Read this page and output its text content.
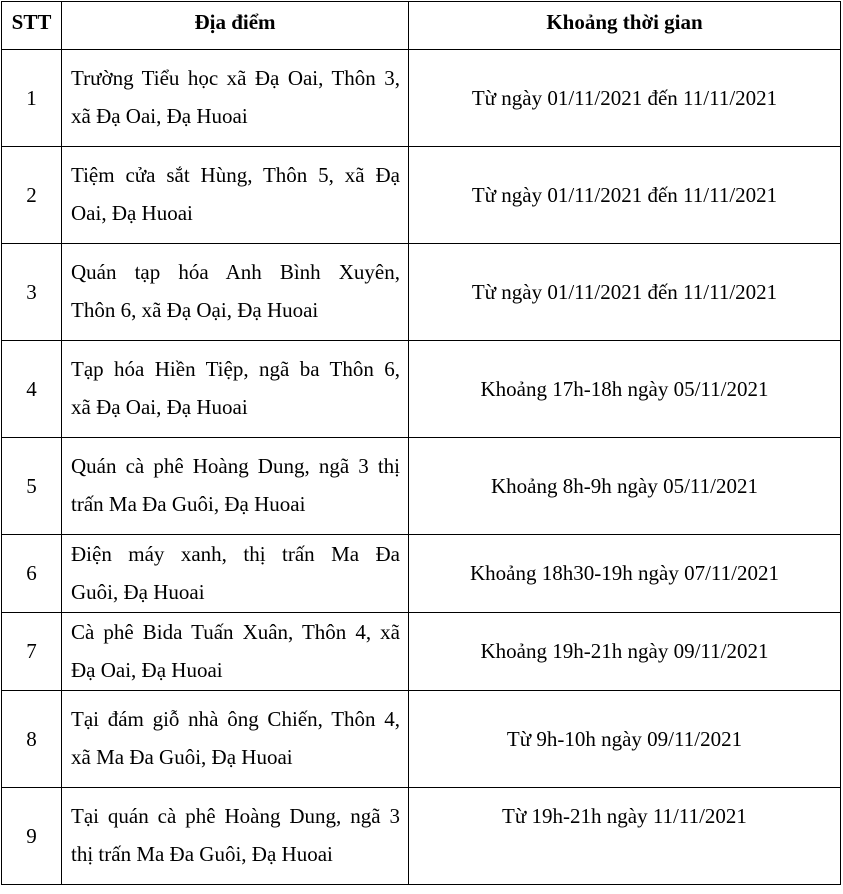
STT	Địa điểm	Khoảng thời gian
1	Trường Tiểu học xã Đạ Oai, Thôn 3,
xã Đạ Oai, Đạ Huoai	Từ ngày 01/11/2021 đến 11/11/2021
2	Tiệm cửa sắt Hùng, Thôn 5, xã Đạ
Oai, Đạ Huoai	Từ ngày 01/11/2021 đến 11/11/2021
3	Quán tạp hóa Anh Bình Xuyên,
Thôn 6, xã Đạ Oại, Đạ Huoai	Từ ngày 01/11/2021 đến 11/11/2021
4	Tạp hóa Hiền Tiệp, ngã ba Thôn 6,
xã Đạ Oai, Đạ Huoai	Khoảng 17h-18h ngày 05/11/2021
5	Quán cà phê Hoàng Dung, ngã 3 thị
trấn Ma Đa Guôi, Đạ Huoai	Khoảng 8h-9h ngày 05/11/2021
6	Điện máy xanh, thị trấn Ma Đa
Guôi, Đạ Huoai	Khoảng 18h30-19h ngày 07/11/2021
7	Cà phê Bida Tuấn Xuân, Thôn 4, xã
Đạ Oai, Đạ Huoai	Khoảng 19h-21h ngày 09/11/2021
8	Tại đám giỗ nhà ông Chiến, Thôn 4,
xã Ma Đa Guôi, Đạ Huoai	Từ 9h-10h ngày 09/11/2021
9	Tại quán cà phê Hoàng Dung, ngã 3
thị trấn Ma Đa Guôi, Đạ Huoai	Từ 19h-21h ngày 11/11/2021
